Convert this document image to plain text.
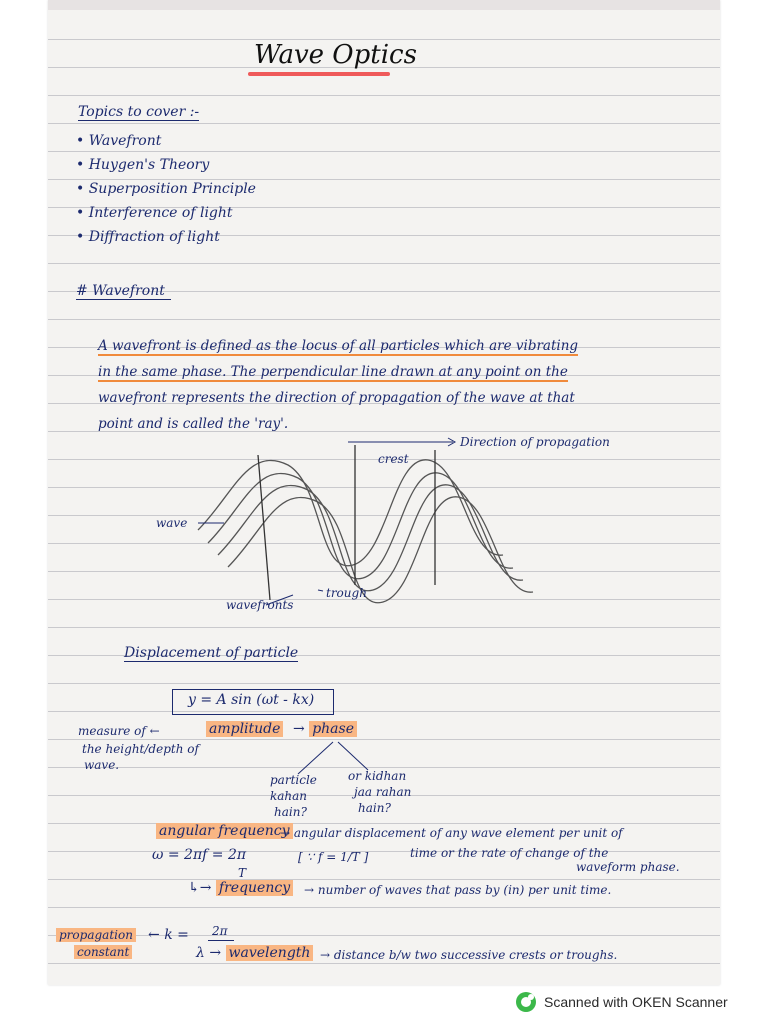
Wave Optics
Topics to cover :-
• Wavefront
• Huygen's Theory
• Superposition Principle
• Interference of light
• Diffraction of light
# Wavefront
A wavefront is defined as the locus of all particles which are vibrating
in the same phase. The perpendicular line drawn at any point on the
wavefront represents the direction of propagation of the wave at that
point and is called the 'ray'.
Direction of propagation
crest
wave
trough
wavefronts
Displacement of particle
y = A sin (ωt - kx)
measure of ←	amplitude → phase
the height/depth of
wave.
particle
kahan
hain?
or kidhan
jaa rahan
hain?
angular frequency
→ angular displacement of any wave element per unit of
time or the rate of change of the
waveform phase.
ω = 2πf = 2π
T
[ ∵ f = 1/T ]
↳→ frequency → number of waves that pass by (in) per unit time.
propagation
constant
← k = 2π
λ → wavelength → distance b/w two successive crests or troughs.
Scanned with OKEN Scanner
